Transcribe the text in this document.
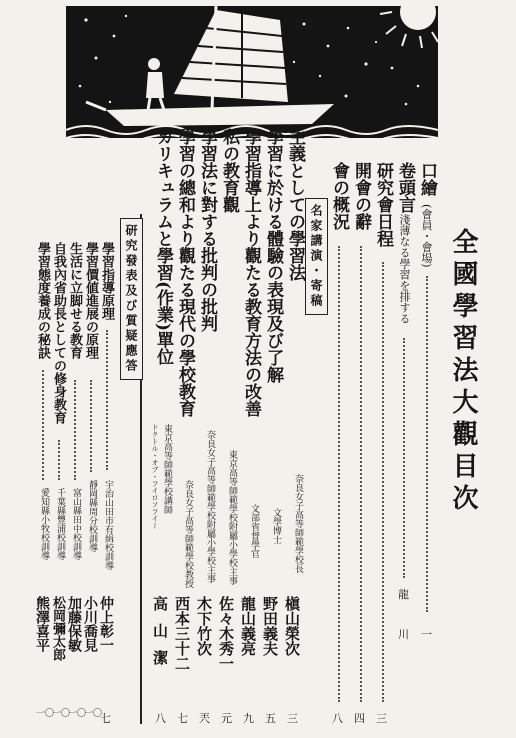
全國學習法大觀目次
口繪
(會員・會場)
一
卷頭言
淺薄なる學習を排する
龍
川
研究會日程
三
開會の辭
四
會の概況
八
名家講演・寄稿
主義としての學習法
奈良女子高等師範學校長
槇山榮次
三
學習に於ける體驗の表現及び了解
文學博士
野田義夫
五
學習指導上より觀たる教育方法の改善
文部省督學官
龍山義亮
九
私の教育觀
東京高等師範學校附屬小學校主事
佐々木秀一
元
學習法に對する批判の批判
奈良女子高等師範學校附屬小學校主事
木下竹次
兲
學習の總和より觀たる現代の學校教育
奈良女子高等師範學校教授
西本三十二
七
カリキュラムと學習(作業)單位
東京高等師範學校講師
ドクトル・オブ・フイロソフイー
高山潔
八
研究發表及び質疑應答
學習指導原理
宇治山田市有緝校訓導
仲上彰一
七
學習價値進展の原理
靜岡縣周分校訓導
小川喬見
一〇
生活に立脚せる教育
富山縣田中校訓導
加藤保敏
一〇
自我內省助長としての修身教育
千葉縣豐浦校訓導
松岡彌太郎
一〇
學習態度養成の秘訣
愛知縣小牧校訓導
熊澤喜平
一〇
